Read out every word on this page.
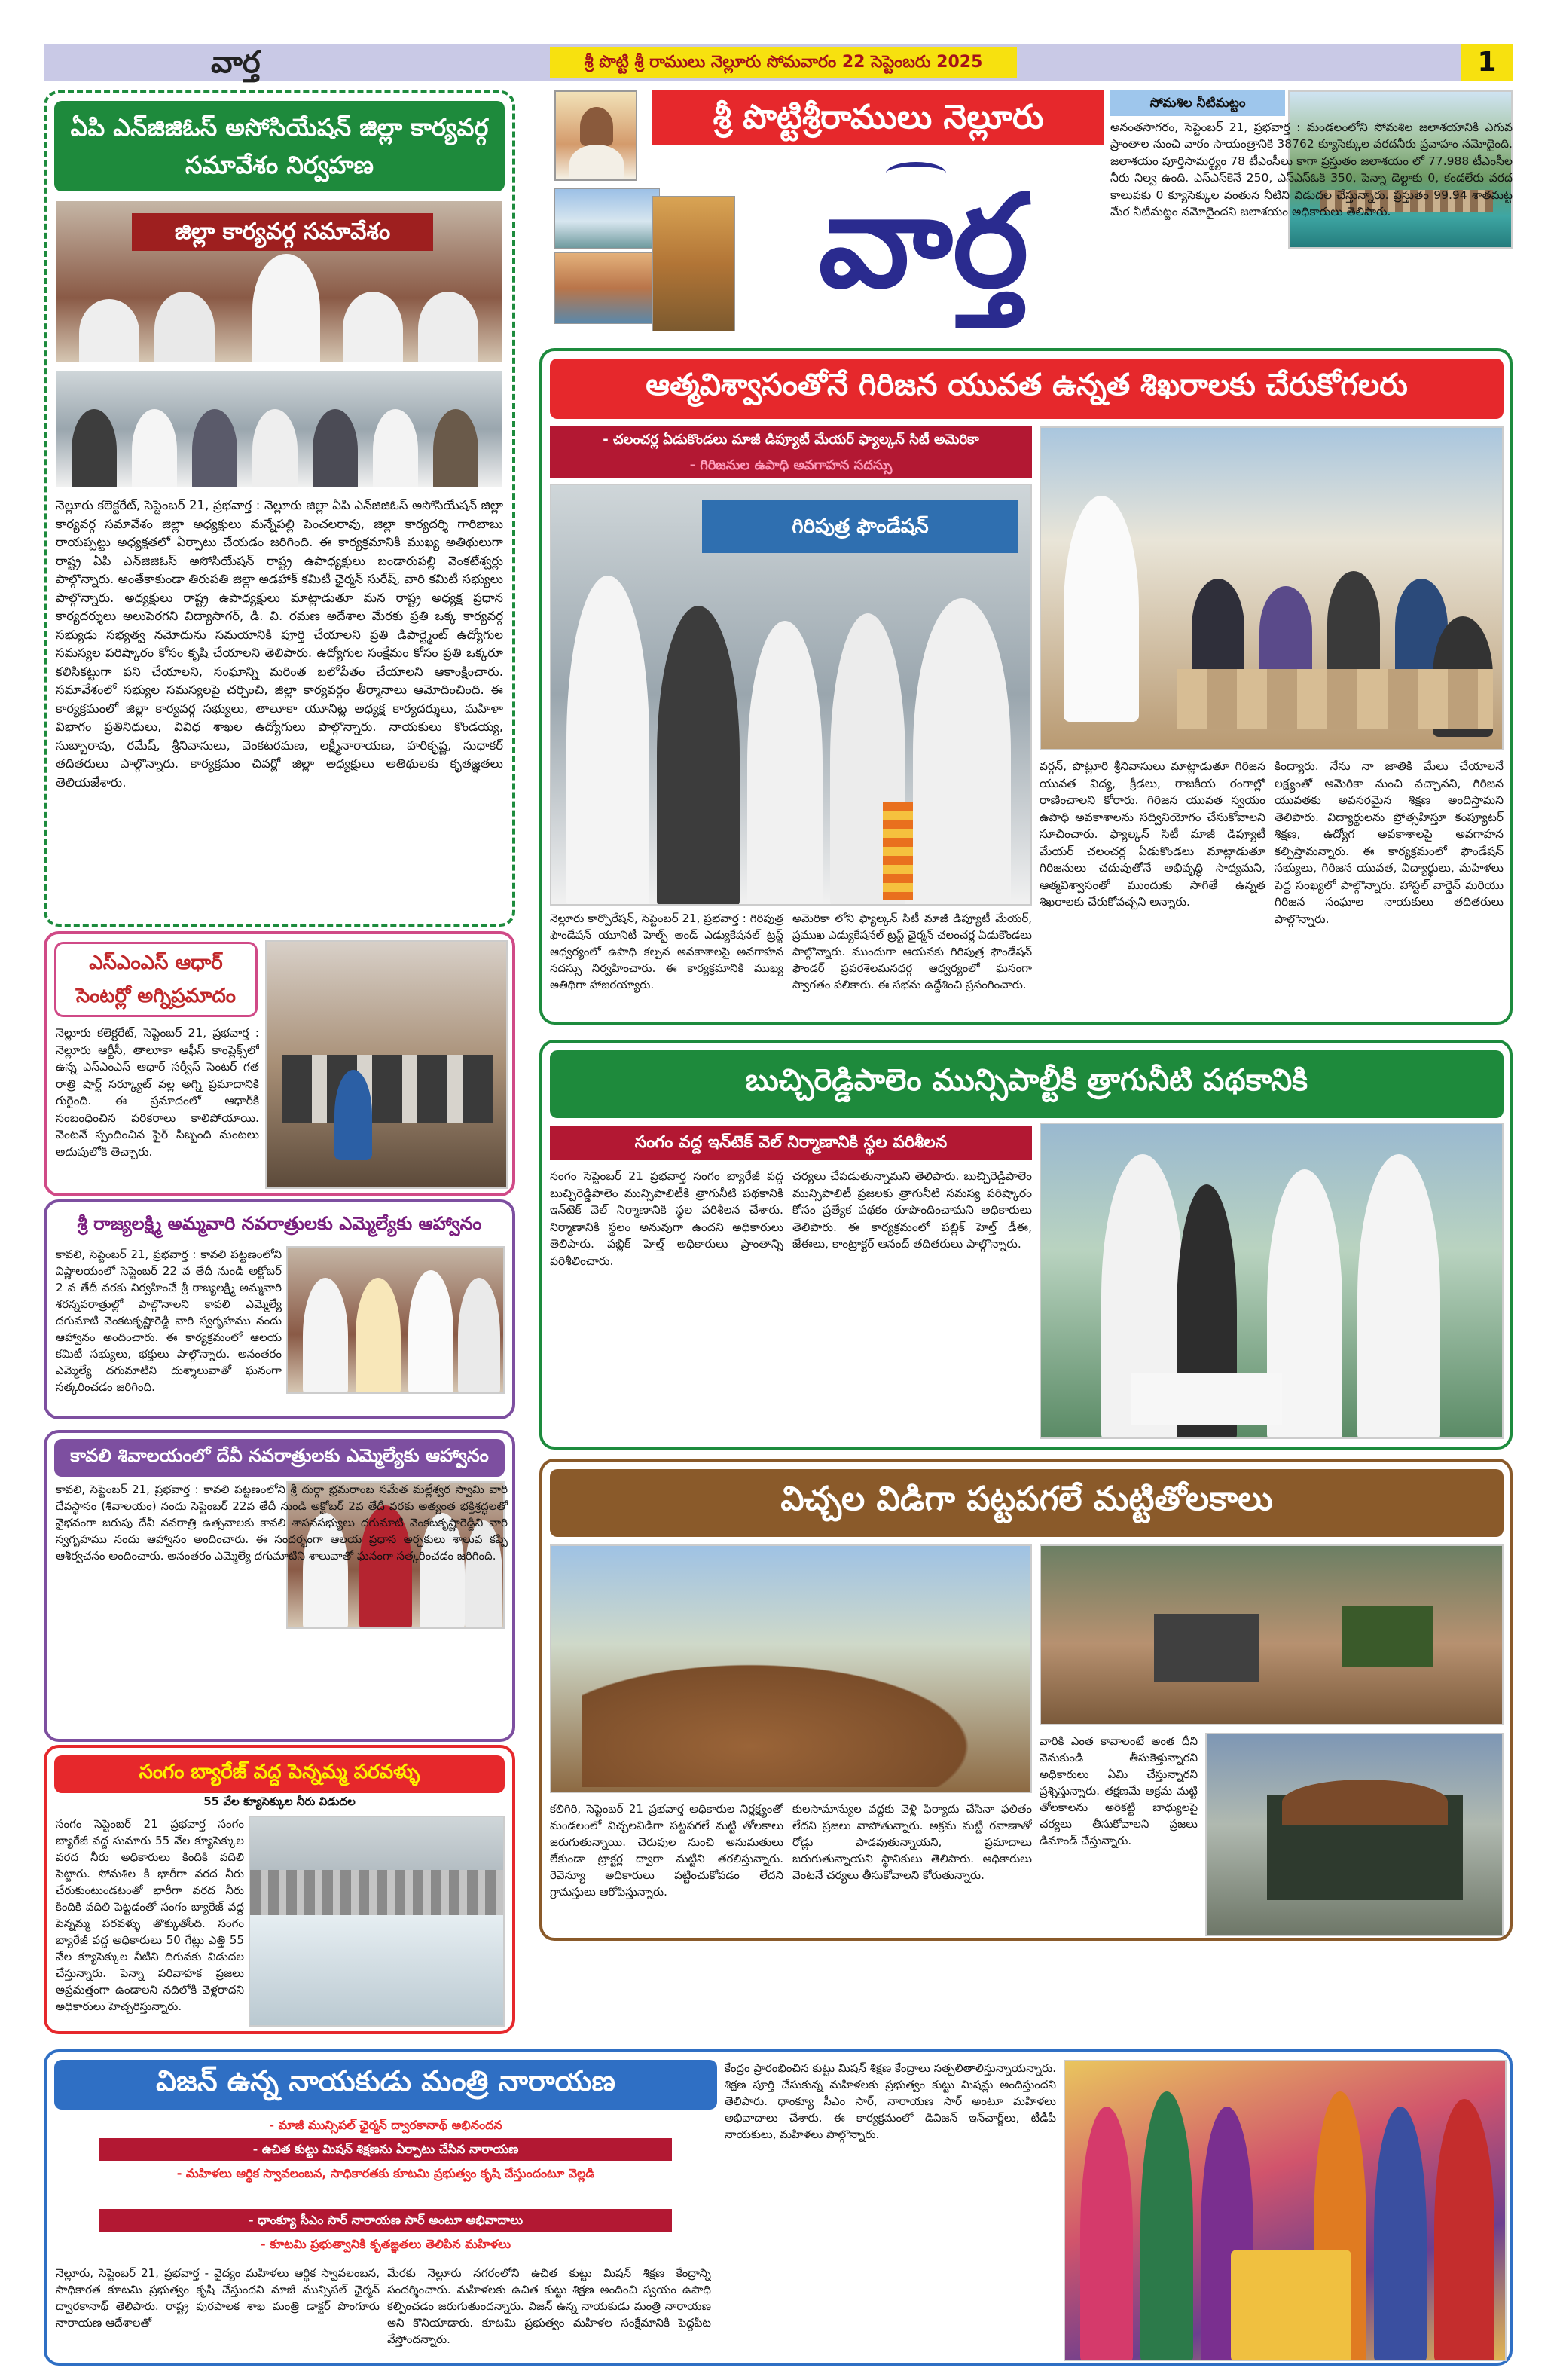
వార్త	శ్రీ పొట్టి శ్రీ రాములు నెల్లూరు సోమవారం 22 సెప్టెంబరు 2025	1
శ్రీ పొట్టిశ్రీరాములు నెల్లూరు
వార్త
సోమశిల నీటిమట్టం
అనంతసాగరం, సెప్టెంబర్ 21, ప్రభవార్త : మండలంలోని సోమశిల జలాశయానికి ఎగువ ప్రాంతాల నుంచి వారం సాయంత్రానికి 38762 క్యూసెక్కుల వరదనీరు ప్రవాహం నమోదైంది. జలాశయం పూర్తిసామర్థ్యం 78 టీఎంసీలు కాగా ప్రస్తుతం జలాశయం లో 77.988 టీఎంసీల నీరు నిల్వ ఉంది. ఎస్ఎస్‌కెనే 250, ఎస్ఎస్ఓకి 350, పెన్నా డెల్టాకు 0, కండలేరు వరద కాలువకు 0 క్యూసెక్కుల వంతున నీటిని విడుదల చేస్తున్నారు. ప్రస్తుతం 99.94 శాతమట్ట మేర నీటిమట్టం నమోదైందని జలాశయం అధికారులు తెలిపారు.
ఏపి ఎన్‌జిజిఓస్ అసోసియేషన్ జిల్లా కార్యవర్గ సమావేశం నిర్వహణ
జిల్లా కార్యవర్గ సమావేశం
నెల్లూరు కలెక్టరేట్, సెప్టెంబర్ 21, ప్రభవార్త : నెల్లూరు జిల్లా ఏపి ఎన్‌జిజిఓస్ అసోసియేషన్ జిల్లా కార్యవర్గ సమావేశం జిల్లా అధ్యక్షులు మన్నేపల్లి పెంచలరావు, జిల్లా కార్యదర్శి గారిబాబు రాయప్పట్టు అధ్యక్షతలో ఏర్పాటు చేయడం జరిగింది. ఈ కార్యక్రమానికి ముఖ్య అతిథులుగా రాష్ట్ర ఏపి ఎన్‌జిజిఓస్ అసోసియేషన్ రాష్ట్ర ఉపాధ్యక్షులు బండారుపల్లి వెంకటేశ్వర్లు పాల్గొన్నారు. అంతేకాకుండా తిరుపతి జిల్లా అడహాక్ కమిటీ ఛైర్మన్ సురేష్, వారి కమిటీ సభ్యులు పాల్గొన్నారు. అధ్యక్షులు రాష్ట్ర ఉపాధ్యక్షులు మాట్లాడుతూ మన రాష్ట్ర అధ్యక్ష ప్రధాన కార్యదర్శులు అలుపెరగని విద్యాసాగర్, డి. వి. రమణ అదేశాల మేరకు ప్రతి ఒక్క కార్యవర్గ సభ్యుడు సభ్యత్వ నమోదును సమయానికి పూర్తి చేయాలని ప్రతి డిపార్ట్మెంట్ ఉద్యోగుల సమస్యల పరిష్కారం కోసం కృషి చేయాలని తెలిపారు. ఉద్యోగుల సంక్షేమం కోసం ప్రతి ఒక్కరూ కలిసికట్టుగా పని చేయాలని, సంఘాన్ని మరింత బలోపేతం చేయాలని ఆకాంక్షించారు. సమావేశంలో సభ్యుల సమస్యలపై చర్చించి, జిల్లా కార్యవర్గం తీర్మానాలు ఆమోదించింది. ఈ కార్యక్రమంలో జిల్లా కార్యవర్గ సభ్యులు, తాలూకా యూనిట్ల అధ్యక్ష కార్యదర్శులు, మహిళా విభాగం ప్రతినిధులు, వివిధ శాఖల ఉద్యోగులు పాల్గొన్నారు. నాయకులు కొండయ్య, సుబ్బారావు, రమేష్, శ్రీనివాసులు, వెంకటరమణ, లక్ష్మీనారాయణ, హరికృష్ణ, సుధాకర్ తదితరులు పాల్గొన్నారు. కార్యక్రమం చివర్లో జిల్లా అధ్యక్షులు అతిథులకు కృతజ్ఞతలు తెలియజేశారు.
ఆత్మవిశ్వాసంతోనే గిరిజన యువత ఉన్నత శిఖరాలకు చేరుకోగలరు
- చలంచర్ల ఏడుకొండలు మాజీ డిప్యూటీ మేయర్ ఫ్యాల్కన్ సిటీ అమెరికా
- గిరిజనుల ఉపాధి అవగాహన సదస్సు
గిరిపుత్ర ఫౌండేషన్
నెల్లూరు కార్పొరేషన్, సెప్టెంబర్ 21, ప్రభవార్త : గిరిపుత్ర ఫౌండేషన్ యూనిటీ హెల్ప్ అండ్ ఎడ్యుకేషనల్ ట్రస్ట్ ఆధ్వర్యంలో ఉపాధి కల్పన అవకాశాలపై అవగాహన సదస్సు నిర్వహించారు. ఈ కార్యక్రమానికి ముఖ్య అతిథిగా హాజరయ్యారు.
అమెరికా లోని ఫ్యాల్కన్ సిటీ మాజీ డిప్యూటీ మేయర్, ప్రముఖ ఎడ్యుకేషనల్ ట్రస్ట్ ఛైర్మన్ చలంచర్ల ఏడుకొండలు పాల్గొన్నారు. ముందుగా ఆయనకు గిరిపుత్ర ఫౌండేషన్ ఫౌండర్ ప్రవరశెలమనధర్గ ఆధ్వర్యంలో ఘనంగా స్వాగతం పలికారు. ఈ సభను ఉద్దేశించి ప్రసంగించారు.
వర్గన్, పొట్లూరి శ్రీనివాసులు మాట్లాడుతూ గిరిజన యువత విద్య, క్రీడలు, రాజకీయ రంగాల్లో రాణించాలని కోరారు. గిరిజన యువత స్వయం ఉపాధి అవకాశాలను సద్వినియోగం చేసుకోవాలని సూచించారు. ఫ్యాల్కన్ సిటీ మాజీ డిప్యూటీ మేయర్ చలంచర్ల ఏడుకొండలు మాట్లాడుతూ గిరిజనులు చదువుతోనే అభివృద్ధి సాధ్యమని, ఆత్మవిశ్వాసంతో ముందుకు సాగితే ఉన్నత శిఖరాలకు చేరుకోవచ్చని అన్నారు.
కింద్యారు. నేను నా జాతికి మేలు చేయాలనే లక్ష్యంతో అమెరికా నుంచి వచ్చానని, గిరిజన యువతకు అవసరమైన శిక్షణ అందిస్తామని తెలిపారు. విద్యార్థులను ప్రోత్సహిస్తూ కంప్యూటర్ శిక్షణ, ఉద్యోగ అవకాశాలపై అవగాహన కల్పిస్తామన్నారు. ఈ కార్యక్రమంలో ఫౌండేషన్ సభ్యులు, గిరిజన యువత, విద్యార్థులు, మహిళలు పెద్ద సంఖ్యలో పాల్గొన్నారు. హాస్టల్ వార్డెన్ మరియు గిరిజన సంఘాల నాయకులు తదితరులు పాల్గొన్నారు.
ఎస్‌ఎంఎస్ ఆధార్ సెంటర్లో అగ్నిప్రమాదం
నెల్లూరు కలెక్టరేట్, సెప్టెంబర్ 21, ప్రభవార్త : నెల్లూరు ఆర్టీసీ, తాలూకా ఆఫీస్ కాంప్లెక్స్‌లో ఉన్న ఎస్‌ఎంఎస్ ఆధార్ సర్వీస్ సెంటర్ గత రాత్రి షార్ట్ సర్క్యూట్ వల్ల అగ్ని ప్రమాదానికి గురైంది. ఈ ప్రమాదంలో ఆధార్‌కి సంబంధించిన పరికరాలు కాలిపోయాయి. వెంటనే స్పందించిన ఫైర్ సిబ్బంది మంటలు అదుపులోకి తెచ్చారు.
శ్రీ రాజ్యలక్ష్మి అమ్మవారి నవరాత్రులకు ఎమ్మెల్యేకు ఆహ్వానం
కావలి, సెప్టెంబర్ 21, ప్రభవార్త : కావలి పట్టణంలోని విష్ణాలయంలో సెప్టెంబర్ 22 వ తేదీ నుండి అక్టోబర్ 2 వ తేదీ వరకు నిర్వహించే శ్రీ రాజ్యలక్ష్మి అమ్మవారి శరన్నవరాత్రుల్లో పాల్గొనాలని కావలి ఎమ్మెల్యే దగుమాటి వెంకటకృష్ణారెడ్డి వారి స్వగృహము నందు ఆహ్వానం అందించారు. ఈ కార్యక్రమంలో ఆలయ కమిటీ సభ్యులు, భక్తులు పాల్గొన్నారు. అనంతరం ఎమ్మెల్యే దగుమాటిని దుశ్శాలువాతో ఘనంగా సత్కరించడం జరిగింది.
కావలి శివాలయంలో దేవీ నవరాత్రులకు ఎమ్మెల్యేకు ఆహ్వానం
కావలి, సెప్టెంబర్ 21, ప్రభవార్త : కావలి పట్టణంలోని శ్రీ దుర్గా భ్రమరాంబ సమేత మల్లేశ్వర స్వామి వారి దేవస్థానం (శివాలయం) నందు సెప్టెంబర్ 22వ తేదీ నుండి అక్టోబర్ 2వ తేదీ వరకు అత్యంత భక్తిశ్రద్ధలతో వైభవంగా జరుపు దేవీ నవరాత్రి ఉత్సవాలకు కావలి శాసనసభ్యులు దగుమాటి వెంకటకృష్ణారెడ్డిని వారి స్వగృహము నందు ఆహ్వానం అందించారు. ఈ సందర్భంగా ఆలయ ప్రధాన అర్చకులు శాలువ కప్పి ఆశీర్వచనం అందించారు. అనంతరం ఎమ్మెల్యే దగుమాటిని శాలువాతో ఘనంగా సత్కరించడం జరిగింది.
బుచ్చిరెడ్డిపాలెం మున్సిపాల్టీకి త్రాగునీటి పథకానికి
సంగం వద్ద ఇన్‌టెక్ వెల్ నిర్మాణానికి స్థల పరిశీలన
సంగం సెప్టెంబర్ 21 ప్రభవార్త సంగం బ్యారేజీ వద్ద బుచ్చిరెడ్డిపాలెం మున్సిపాలిటీకి త్రాగునీటి పథకానికి ఇన్‌టెక్ వెల్ నిర్మాణానికి స్థల పరిశీలన చేశారు. నిర్మాణానికి స్థలం అనువుగా ఉందని అధికారులు తెలిపారు. పబ్లిక్ హెల్త్ అధికారులు ప్రాంతాన్ని పరిశీలించారు.
చర్యలు చేపడుతున్నామని తెలిపారు. బుచ్చిరెడ్డిపాలెం మున్సిపాలిటీ ప్రజలకు త్రాగునీటి సమస్య పరిష్కారం కోసం ప్రత్యేక పథకం రూపొందించామని అధికారులు తెలిపారు. ఈ కార్యక్రమంలో పబ్లిక్ హెల్త్ డీఈ, జేఈలు, కాంట్రాక్టర్ ఆనంద్ తదితరులు పాల్గొన్నారు.
విచ్చల విడిగా పట్టపగలే మట్టితోలకాలు
కలిగిరి, సెప్టెంబర్ 21 ప్రభవార్త అధికారుల నిర్లక్ష్యంతో మండలంలో విచ్చలవిడిగా పట్టపగలే మట్టి తోలకాలు జరుగుతున్నాయి. చెరువుల నుంచి అనుమతులు లేకుండా ట్రాక్టర్ల ద్వారా మట్టిని తరలిస్తున్నారు. రెవెన్యూ అధికారులు పట్టించుకోవడం లేదని గ్రామస్తులు ఆరోపిస్తున్నారు.
కులసామాన్యుల వద్దకు వెళ్లి ఫిర్యాదు చేసినా ఫలితం లేదని ప్రజలు వాపోతున్నారు. అక్రమ మట్టి రవాణాతో రోడ్లు పాడవుతున్నాయని, ప్రమాదాలు జరుగుతున్నాయని స్థానికులు తెలిపారు. అధికారులు వెంటనే చర్యలు తీసుకోవాలని కోరుతున్నారు.
వారికి ఎంత కావాలంటే అంత దీని వెనుకుండి తీసుకెళ్తున్నారని అధికారులు ఏమి చేస్తున్నారని ప్రశ్నిస్తున్నారు. తక్షణమే అక్రమ మట్టి తోలకాలను అరికట్టి బాధ్యులపై చర్యలు తీసుకోవాలని ప్రజలు డిమాండ్ చేస్తున్నారు.
సంగం బ్యారేజ్ వద్ద పెన్నమ్మ పరవళ్ళు
55 వేల క్యూసెక్కుల నీరు విడుదల
సంగం సెప్టెంబర్ 21 ప్రభవార్త సంగం బ్యారేజీ వద్ద సుమారు 55 వేల క్యూసెక్కుల వరద నీరు అధికారులు కిందికి వదిలి పెట్టారు. సోమశిల కి భారీగా వరద నీరు చేరుకుంటుండటంతో భారీగా వరద నీరు కిందికి వదిలి పెట్టడంతో సంగం బ్యారేజ్ వద్ద పెన్నమ్మ పరవళ్ళు తొక్కుతోంది. సంగం బ్యారేజీ వద్ద అధికారులు 50 గేట్లు ఎత్తి 55 వేల క్యూసెక్కుల నీటిని దిగువకు విడుదల చేస్తున్నారు. పెన్నా పరివాహక ప్రజలు అప్రమత్తంగా ఉండాలని నదిలోకి వెళ్లరాదని అధికారులు హెచ్చరిస్తున్నారు.
విజన్ ఉన్న నాయకుడు మంత్రి నారాయణ
- మాజీ మున్సిపల్ ఛైర్మన్ ద్వారకానాథ్ అభినందన
- ఉచిత కుట్టు మిషన్ శిక్షణను ఏర్పాటు చేసిన నారాయణ
- మహిళలు ఆర్థిక స్వావలంబన, సాధికారతకు కూటమి ప్రభుత్వం కృషి చేస్తుందంటూ వెల్లడి
- ధాంక్యూ సీఎం సార్ నారాయణ సార్ అంటూ అభివాదాలు
- కూటమి ప్రభుత్వానికి కృతజ్ఞతలు తెలిపిన మహిళలు
నెల్లూరు, సెప్టెంబర్ 21, ప్రభవార్త - వైద్యం మహిళలు ఆర్థిక స్వావలంబన, సాధికారత కూటమి ప్రభుత్వం కృషి చేస్తుందని మాజీ మున్సిపల్ ఛైర్మన్ ద్వారకానాథ్ తెలిపారు. రాష్ట్ర పురపాలక శాఖ మంత్రి డాక్టర్ పొంగూరు నారాయణ ఆదేశాలతో
మేరకు నెల్లూరు నగరంలోని ఉచిత కుట్టు మిషన్ శిక్షణ కేంద్రాన్ని సందర్శించారు. మహిళలకు ఉచిత కుట్టు శిక్షణ అందించి స్వయం ఉపాధి కల్పించడం జరుగుతుందన్నారు. విజన్ ఉన్న నాయకుడు మంత్రి నారాయణ అని కొనియాడారు. కూటమి ప్రభుత్వం మహిళల సంక్షేమానికి పెద్దపీట వేస్తోందన్నారు.
కేంద్రం ప్రారంభించిన కుట్టు మిషన్ శిక్షణ కేంద్రాలు సత్ఫలితాలిస్తున్నాయన్నారు. శిక్షణ పూర్తి చేసుకున్న మహిళలకు ప్రభుత్వం కుట్టు మిషన్లు అందిస్తుందని తెలిపారు. ధాంక్యూ సీఎం సార్, నారాయణ సార్ అంటూ మహిళలు అభివాదాలు చేశారు. ఈ కార్యక్రమంలో డివిజన్ ఇన్‌చార్జ్‌లు, టీడీపీ నాయకులు, మహిళలు పాల్గొన్నారు.
